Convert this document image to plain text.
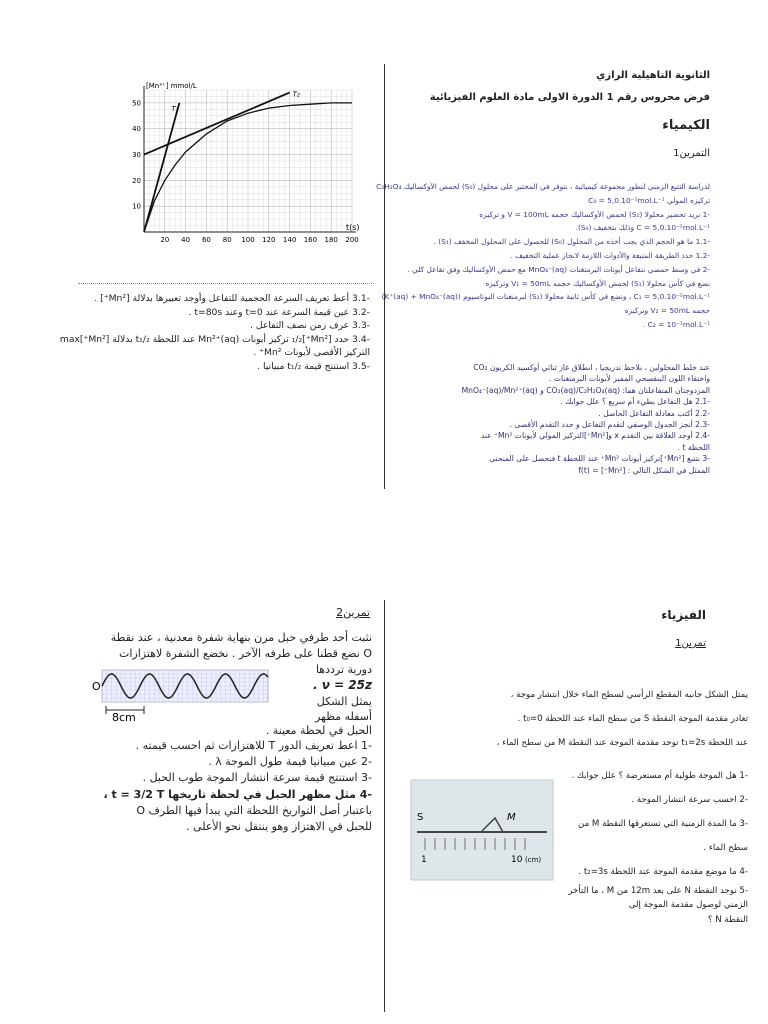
الثانوية التاهيلية الرازي
فرض محروس رقم 1 الدورة الاولى مادة العلوم الفيزيائية
الكيمياء
التمرين1
لدراسة التتبع الزمني لتطور مجموعة كيميائية ، نتوفر في المختبر على محلول (S₀) لحمض الأوكساليك C₂H₂O₄
تركيزه المولي C₀ = 5,0.10⁻¹mol.L⁻¹
-1 نريد تحضير محلولا (S₁) لحمض الأوكساليك حجمه V = 100mL و تركيزه
C = 5,0.10⁻²mol.L⁻¹ وذلك بتخفيف (S₀).
-1.1 ما هو الحجم الذي يجب أخذه من المحلول (S₀) للحصول على المحلول المخفف (S₁) .
-1.2 حدد الطريقة المتبعة والأدوات اللازمة لانجاز عملية التخفيف .
-2 في وسط حمضي نتفاعل أيونات البرمنغنات MnO₄⁻(aq) مع حمض الأوكساليك وفق تفاعل كلي .
نضع في كأس محلولا (S₁) لحمض الأوكساليك حجمه V₁ = 50mL وتركيزه
C₁ = 5,0.10⁻²mol.L⁻¹ ، ونضع في كأس ثانية محلولا (S₂) لبرمنغنات البوتاسيوم (K⁺(aq) + MnO₄⁻(aq))
حجمه V₂ = 50mL وتركيزه
C₂ = 10⁻¹mol.L⁻¹ .
عند خلط المحلولين ، نلاحظ تدريجيا ، انطلاق غاز ثنائي أوكسيد الكربون CO₂
واختفاء اللون البنفسجي المميز لأيونات البرمنغنات .
المزدوجتان المتفاعلتان هما: CO₂(aq)/C₂H₂O₄(aq) و MnO₄⁻(aq)/Mn²⁺(aq)
-2.1 هل التفاعل بطيء أم سريع ؟ علل جوابك .
-2.2 أكتب معادلة التفاعل الحاصل .
-2.3 أنجز الجدول الوصفي لتقدم التفاعل و حدد التقدم الأقصى .
-2.4 أوجد العلاقة بين التقدم x و[Mn²⁺]التركيز المولي لأيونات Mn²⁺ عند
اللحظة t .
-3 نتتبع [Mn²⁺]تركيز أيونات Mn²⁺ عند اللحظة t فنحصل على المنحنى
الممثل في الشكل التالي : [Mn²⁺] = f(t)
20 40 60 80 100 120 140 160 180 200
10
20
30
40
50
T₁
T₂
[Mn²⁺] mmol/L
t(s)
-3.1 أعط تعريف السرعة الحجمية للتفاعل وأوجد تعبيرها بدلالة [Mn²⁺] .
-3.2 عين قيمة السرعة عند t=0 وعند t=80s .
-3.3 عرف زمن نصف التفاعل .
-3.4 حدد [Mn²⁺]₁/₂ تركيز أيونات Mn²⁺(aq) عند اللحظة t₁/₂ بدلالة [Mn²⁺]max
التركيز الأقصى لأيونات Mn²⁺ .
-3.5 استنتج قيمة t₁/₂ مبيانيا .
الفيزياء
تمرين1
يمثل الشكل جانبه المقطع الرأسي لسطح الماء خلال انتشار موجة ،
تغادر مقدمة الموجة النقطة S من سطح الماء عند اللحظة t₀=0 .
عند اللحظة t₁=2s توجد مقدمة الموجة عند النقطة M من سطح الماء ،
-1 هل الموجة طولية أم مستعرضة ؟ علل جوابك .
-2 احسب سرعة انتشار الموجة .
-3 ما المدة الزمنية التي تستغرقها النقطة M من سطح الماء .
-4 ما موضع مقدمة الموجة عند اللحظة t₂=3s .
-5 نوجد النقطة N على بعد 12m من M ، ما التأخر الزمني لوصول مقدمة الموجة إلى
النقطة N ؟
S	M
1	10 (cm)
تمرين2
نثبت أحد طرفي حبل مرن بنهاية شفرة معدنية ، عند نقطة
O نضع قطنا على طرفه الآخر . نخضع الشفرة لاهتزازات
دورية ترددها
ν = 25z .
يمثل الشكل
أسفله مظهر
الحبل في لحظة معينة .
O
8cm
-1 اعط تعريف الدور T للاهتزازات ثم احسب قيمته .
-2 عين مبيانيا قيمة طول الموجة λ .
-3 استنتج قيمة سرعة انتشار الموجة طوب الحبل .
-4 مثل مظهر الحبل في لحظة تاريخها t = 3/2 T ،
باعتبار أصل التواريخ اللحظة التي يبدأ فيها الطرف O
للحبل في الاهتزاز وهو ينتقل نحو الأعلى .
